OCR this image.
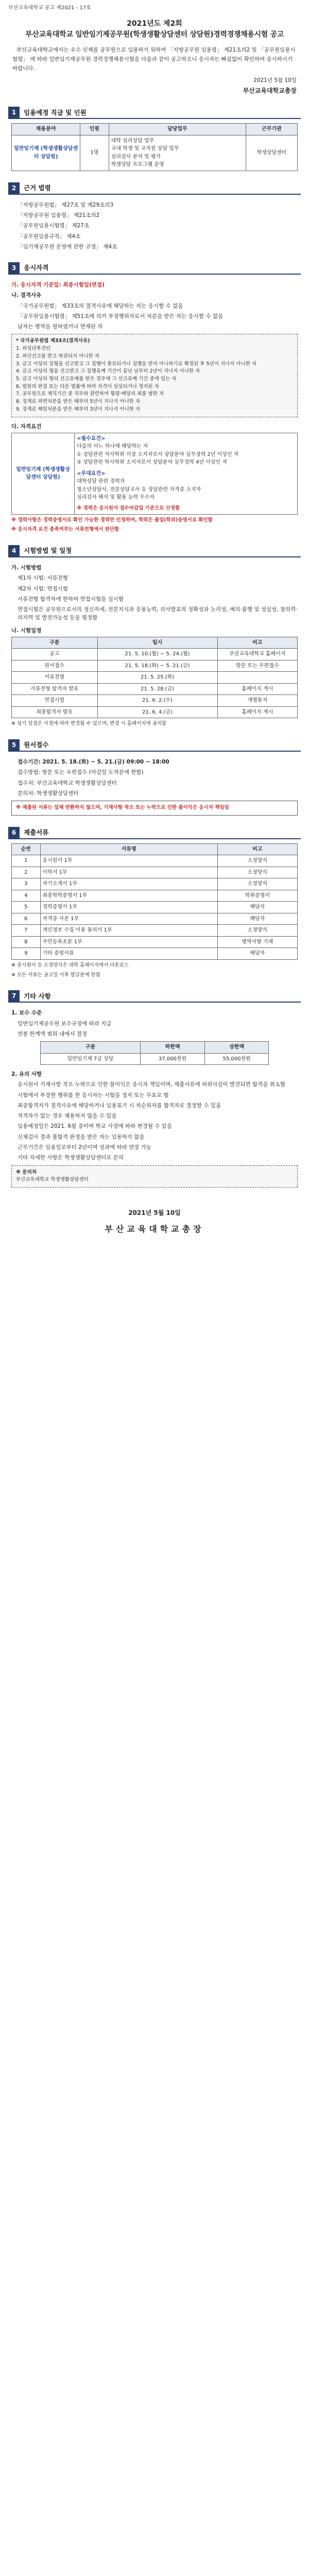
부산교육대학교 공고 제2021 - 17호
2021년도 제2회
부산교육대학교 일반임기제공무원(학생생활상담센터 상담원)경력경쟁채용시험 공고
부산교육대학교에서는 우수 인재를 공무원으로 임용하기 위하여 「지방공무원 임용령」 제21조의2 및 「공무원임용시험령」 에 따라 일반임기제공무원 경력경쟁채용시험을 다음과 같이 공고하오니 응시자는 빠짐없이 확인하여 응시하시기 바랍니다.
2021년 5월 10일
부산교육대학교총장
1	임용예정 직급 및 인원
채용분야	인원	담당업무	근무기관
일반임기제 (학생생활상담센터 상담원)	1명	대학 심리상담 업무
교내 학생 및 교직원 상담 업무
심리검사 분석 및 평가
학생상담 프로그램 운영	학생상담센터
2	근거 법령
「지방공무원법」 제27조 및 제29조의3
「지방공무원 임용령」 제21조의2
「공무원임용시험령」 제27조
「공무원임용규칙」 제4조
「임기제공무원 운영에 관한 규정」 제4조
3	응시자격
가. 응시자격 기준일: 최종시험일(면접)
나. 결격사유
「국가공무원법」 제33조의 결격사유에 해당하는 자는 응시할 수 없음
「공무원임용시험령」 제51조에 의거 부정행위자로서 처분을 받은 자는 응시할 수 없음
남자는 병역을 필하였거나 면제된 자
* 국가공무원법 제33조(결격사유)
1. 피성년후견인
2. 파산선고를 받고 복권되지 아니한 자
3. 금고 이상의 실형을 선고받고 그 집행이 종료되거나 집행을 받지 아니하기로 확정된 후 5년이 지나지 아니한 자
4. 금고 이상의 형을 선고받고 그 집행유예 기간이 끝난 날부터 2년이 지나지 아니한 자
5. 금고 이상의 형의 선고유예를 받은 경우에 그 선고유예 기간 중에 있는 자
6. 법원의 판결 또는 다른 법률에 따라 자격이 상실되거나 정지된 자
7. 공무원으로 재직기간 중 직무와 관련하여 횡령·배임의 죄를 범한 자
8. 징계로 파면처분을 받은 때부터 5년이 지나지 아니한 자
9. 징계로 해임처분을 받은 때부터 3년이 지나지 아니한 자
다. 자격요건
일반임기제 (학생생활상담센터 상담원)	
<필수요건>
다음의 어느 하나에 해당하는 자
① 상담관련 석사학위 이상 소지자로서 상담분야 실무경력 2년 이상인 자
② 상담관련 학사학위 소지자로서 상담분야 실무경력 4년 이상인 자
<우대요건>
대학상담 관련 경력자
청소년상담사, 전문상담교사 등 상담관련 자격증 소지자
심리검사 해석 및 활용 능력 우수자
※ 경력은 응시원서 접수마감일 기준으로 산정함
※ 경력사항은 경력증명서로 확인 가능한 경력만 인정하며, 학력은 졸업(학위)증명서로 확인함
※ 응시자격 요건 충족여부는 서류전형에서 판단함
4	시험방법 및 일정
가. 시험방법
제1차 시험: 서류전형
제2차 시험: 면접시험
서류전형 합격자에 한하여 면접시험을 실시함
면접시험은 공무원으로서의 정신자세, 전문지식과 응용능력, 의사발표의 정확성과 논리성, 예의·품행 및 성실성, 창의력·의지력 및 발전가능성 등을 평정함
나. 시험일정
구분	일시	비고
공고	21. 5. 10.(월) ~ 5. 24.(월)	부산교육대학교 홈페이지
원서접수	21. 5. 18.(화) ~ 5. 21.(금)	방문 또는 우편접수
서류전형	21. 5. 25.(화)	
서류전형 합격자 발표	21. 5. 28.(금)	홈페이지 게시
면접시험	21. 6. 2.(수)	개별통지
최종합격자 발표	21. 6. 4.(금)	홈페이지 게시
※ 상기 일정은 사정에 따라 변경될 수 있으며, 변경 시 홈페이지에 공지함
5	원서접수
접수기간: 2021. 5. 18.(화) ~ 5. 21.(금) 09:00 ~ 18:00
접수방법: 방문 또는 우편접수 (마감일 도착분에 한함)
접수처: 부산교육대학교 학생생활상담센터
문의처: 학생생활상담센터
※ 제출된 서류는 일체 반환하지 않으며, 기재사항 착오 또는 누락으로 인한 불이익은 응시자 책임임
6	제출서류
순번	서류명	비고
1	응시원서 1부	소정양식
2	이력서 1부	소정양식
3	자기소개서 1부	소정양식
4	최종학력증명서 1부	학위증명서
5	경력증명서 1부	해당자
6	자격증 사본 1부	해당자
7	개인정보 수집·이용 동의서 1부	소정양식
8	주민등록초본 1부	병역사항 기재
9	기타 증빙서류	해당자
※ 응시원서 등 소정양식은 대학 홈페이지에서 다운로드
※ 모든 서류는 공고일 이후 발급분에 한함
7	기타 사항
1. 보수 수준
일반임기제공무원 보수규정에 따라 지급
연봉 한계액 범위 내에서 결정
구분	하한액	상한액
일반임기제 7급 상당	37,000천원	55,000천원
2. 유의 사항
응시원서 기재사항 착오·누락으로 인한 불이익은 응시자 책임이며, 제출서류에 허위사실이 발견되면 합격을 취소함
시험에서 부정한 행위를 한 응시자는 시험을 정지 또는 무효로 함
최종합격자가 결격사유에 해당하거나 임용포기 시 차순위자를 합격자로 결정할 수 있음
적격자가 없는 경우 채용하지 않을 수 있음
임용예정일은 2021. 6월 중이며 학교 사정에 따라 변경될 수 있음
신체검사 결과 불합격 판정을 받은 자는 임용하지 않음
근무기간은 임용일로부터 2년이며 성과에 따라 연장 가능
기타 자세한 사항은 학생생활상담센터로 문의
※ 문의처
부산교육대학교 학생생활상담센터
2021년 5월 10일
부산교육대학교총장
